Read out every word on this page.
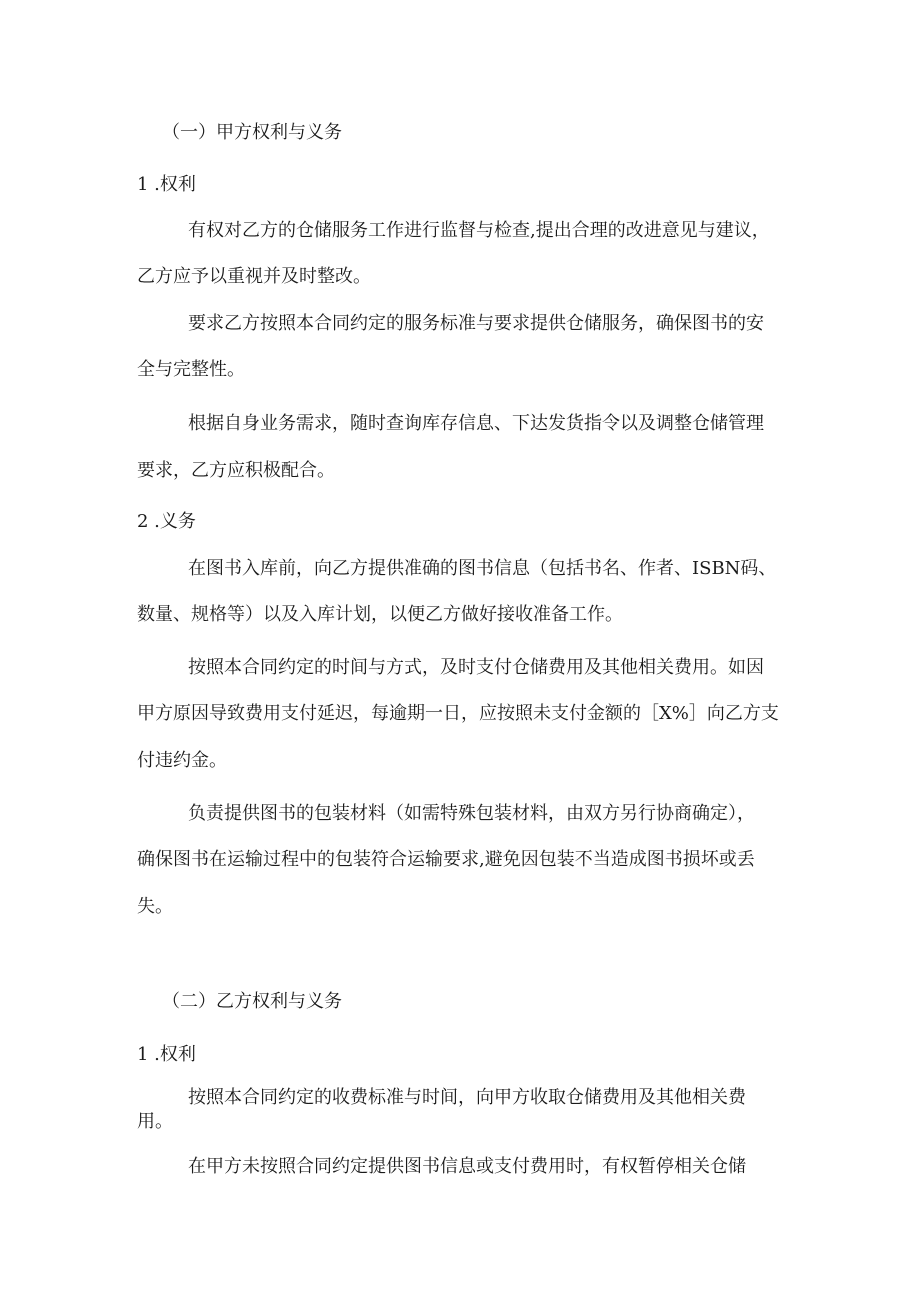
（一）甲方权利与义务
1 .权利
有权对乙方的仓储服务工作进行监督与检查,提出合理的改进意见与建议，
乙方应予以重视并及时整改。
要求乙方按照本合同约定的服务标准与要求提供仓储服务，确保图书的安
全与完整性。
根据自身业务需求，随时查询库存信息、下达发货指令以及调整仓储管理
要求，乙方应积极配合。
2 .义务
在图书入库前，向乙方提供准确的图书信息（包括书名、作者、ISBN码、
数量、规格等）以及入库计划，以便乙方做好接收准备工作。
按照本合同约定的时间与方式，及时支付仓储费用及其他相关费用。如因
甲方原因导致费用支付延迟，每逾期一日，应按照未支付金额的［X%］向乙方支
付违约金。
负责提供图书的包装材料（如需特殊包装材料，由双方另行协商确定），
确保图书在运输过程中的包装符合运输要求,避免因包装不当造成图书损坏或丢
失。
（二）乙方权利与义务
1 .权利
按照本合同约定的收费标准与时间，向甲方收取仓储费用及其他相关费
用。
在甲方未按照合同约定提供图书信息或支付费用时，有权暂停相关仓储
